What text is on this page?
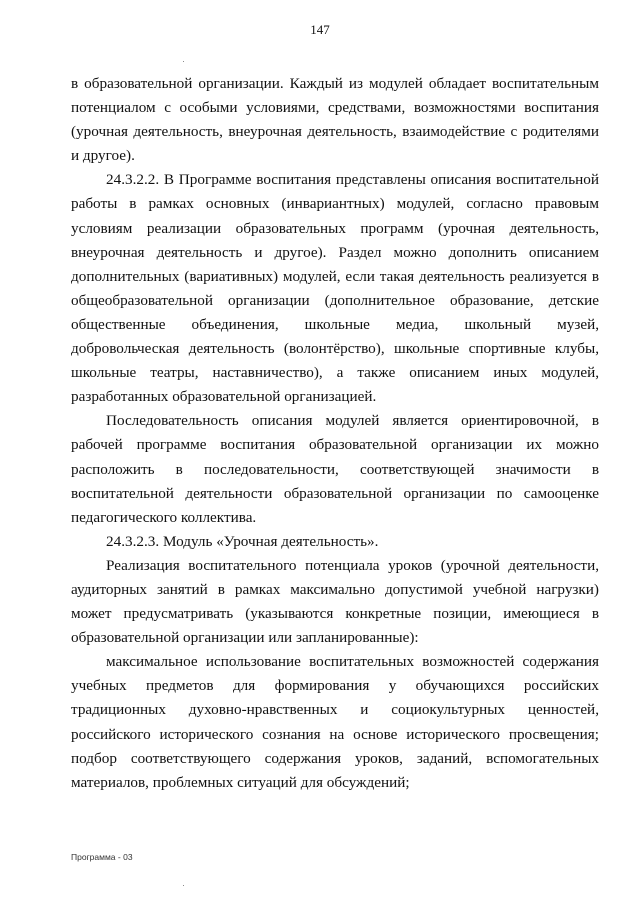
147

в образовательной организации. Каждый из модулей обладает воспитательным потенциалом с особыми условиями, средствами, возможностями воспитания (урочная деятельность, внеурочная деятельность, взаимодействие с родителями и другое).

24.3.2.2. В Программе воспитания представлены описания воспитательной работы в рамках основных (инвариантных) модулей, согласно правовым условиям реализации образовательных программ (урочная деятельность, внеурочная деятельность и другое). Раздел можно дополнить описанием дополнительных (вариативных) модулей, если такая деятельность реализуется в общеобразовательной организации (дополнительное образование, детские общественные объединения, школьные медиа, школьный музей, добровольческая деятельность (волонтёрство), школьные спортивные клубы, школьные театры, наставничество), а также описанием иных модулей, разработанных образовательной организацией.

Последовательность описания модулей является ориентировочной, в рабочей программе воспитания образовательной организации их можно расположить в последовательности, соответствующей значимости в воспитательной деятельности образовательной организации по самооценке педагогического коллектива.

24.3.2.3. Модуль «Урочная деятельность».

Реализация воспитательного потенциала уроков (урочной деятельности, аудиторных занятий в рамках максимально допустимой учебной нагрузки) может предусматривать (указываются конкретные позиции, имеющиеся в образовательной организации или запланированные):

максимальное использование воспитательных возможностей содержания учебных предметов для формирования у обучающихся российских традиционных духовно-нравственных и социокультурных ценностей, российского исторического сознания на основе исторического просвещения; подбор соответствующего содержания уроков, заданий, вспомогательных материалов, проблемных ситуаций для обсуждений;

Программа - 03
·
·
